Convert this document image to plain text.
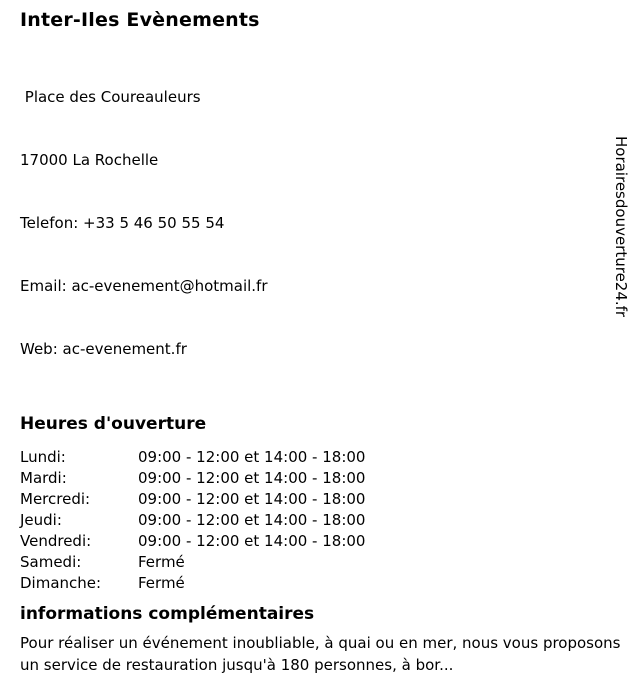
Inter-Iles Evènements

Place des Coureauleurs

17000 La Rochelle

Telefon: +33 5 46 50 55 54

Email: ac-evenement@hotmail.fr

Web: ac-evenement.fr

Heures d'ouverture
Lundi:	09:00 - 12:00 et 14:00 - 18:00
Mardi:	09:00 - 12:00 et 14:00 - 18:00
Mercredi:	09:00 - 12:00 et 14:00 - 18:00
Jeudi:	09:00 - 12:00 et 14:00 - 18:00
Vendredi:	09:00 - 12:00 et 14:00 - 18:00
Samedi:	Fermé
Dimanche:	Fermé
informations complémentaires

Pour réaliser un événement inoubliable, à quai ou en mer, nous vous proposons un service de restauration jusqu'à 180 personnes, à bor...

Horairesdouverture24.fr
